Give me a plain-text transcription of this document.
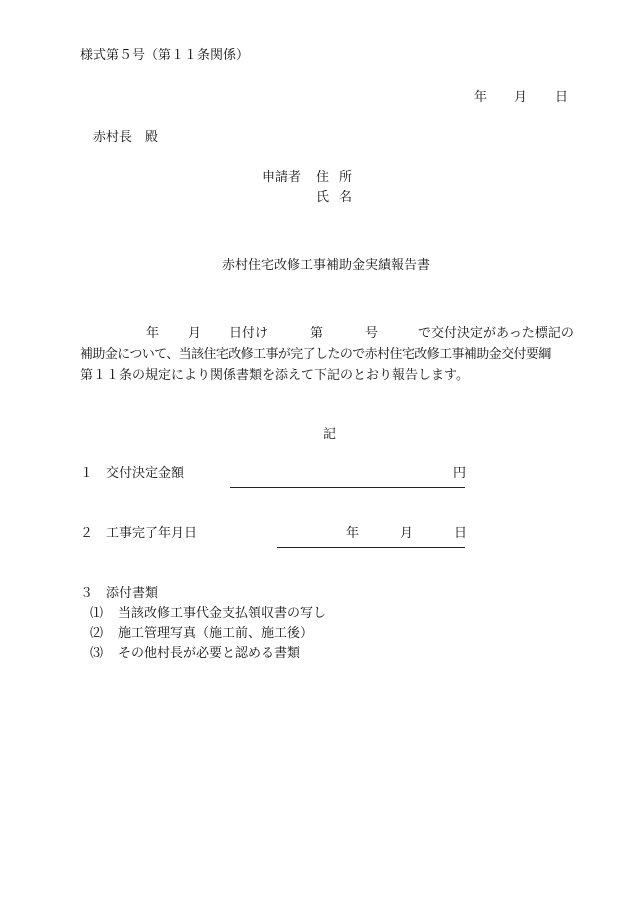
様式第５号（第１１条関係）
年 月 日
赤村長　殿
申請者 住 所
氏 名
赤村住宅改修工事補助金実績報告書
年 月 日付け	第	号	で交付決定があった標記の
補助金について、当該住宅改修工事が完了したので赤村住宅改修工事補助金交付要綱
第１１条の規定により関係書類を添えて下記のとおり報告します。
記
１ 交付決定金額	円
２ 工事完了年月日	年	月	日
３ 添付書類
⑴ 当該改修工事代金支払領収書の写し
⑵ 施工管理写真（施工前、施工後）
⑶ その他村長が必要と認める書類
